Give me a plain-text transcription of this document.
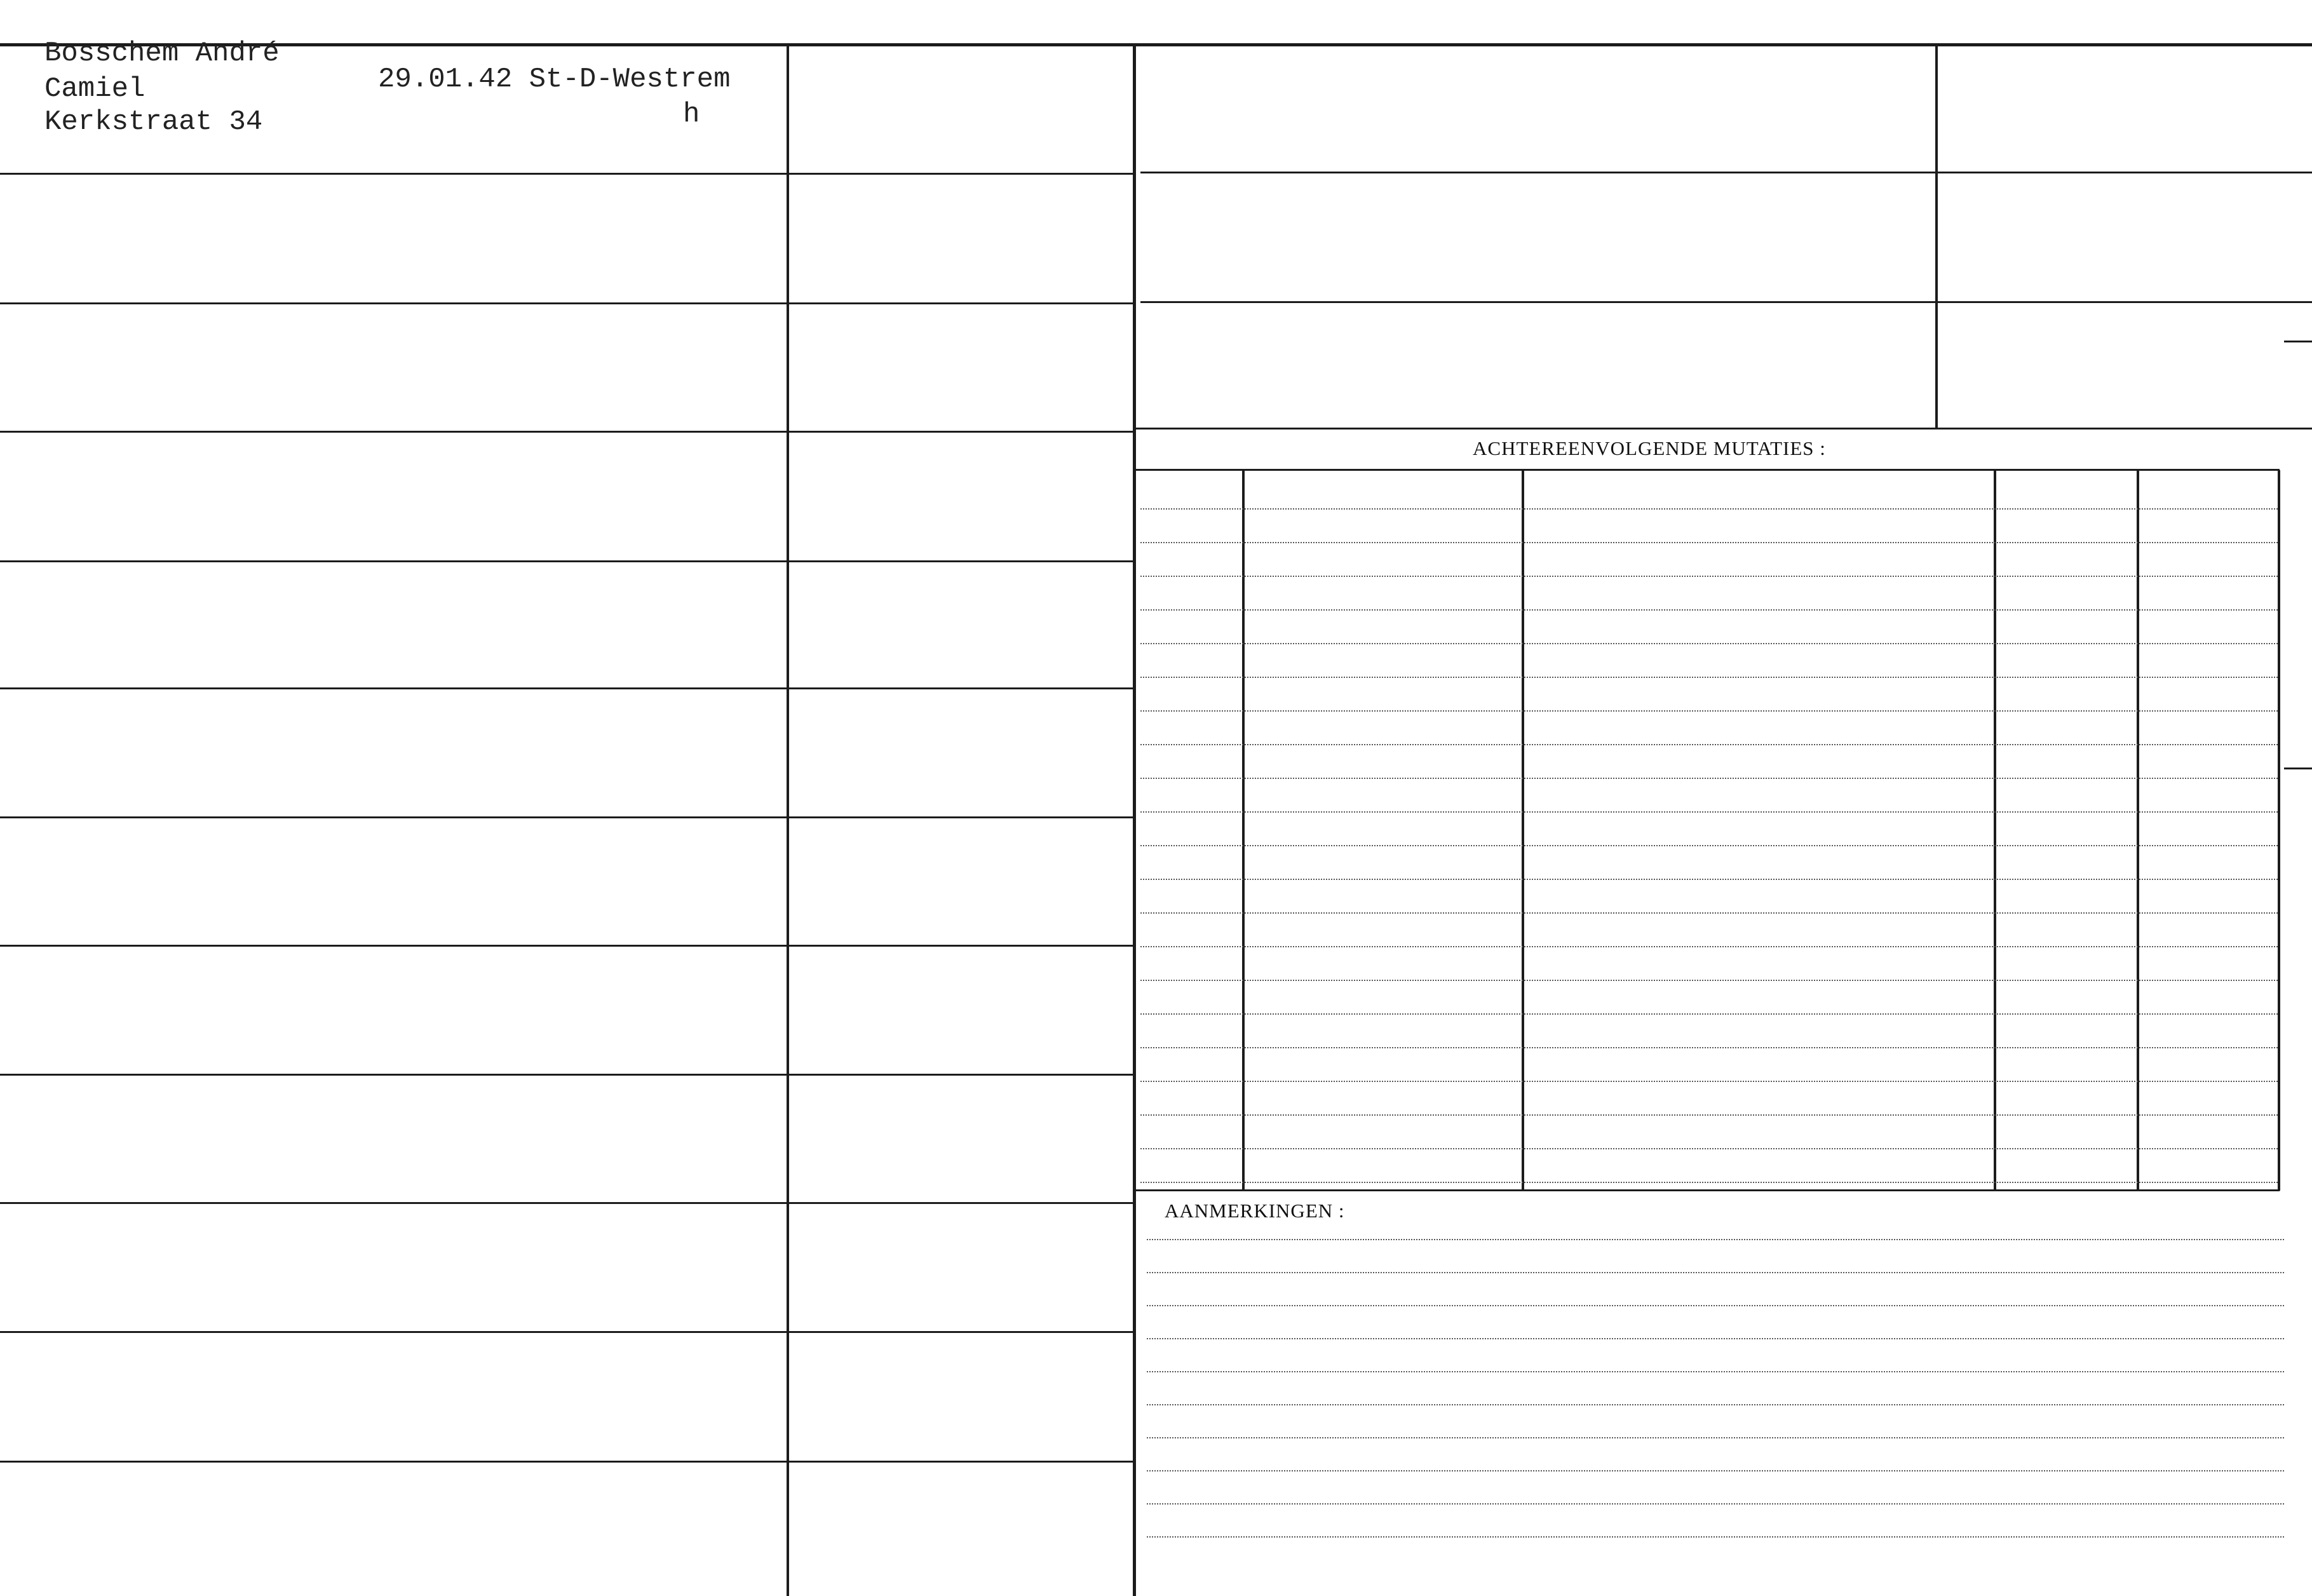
Bosschem André
Camiel
Kerkstraat 34
29.01.42 St-D-Westrem
h
ACHTEREENVOLGENDE MUTATIES :
AANMERKINGEN :
